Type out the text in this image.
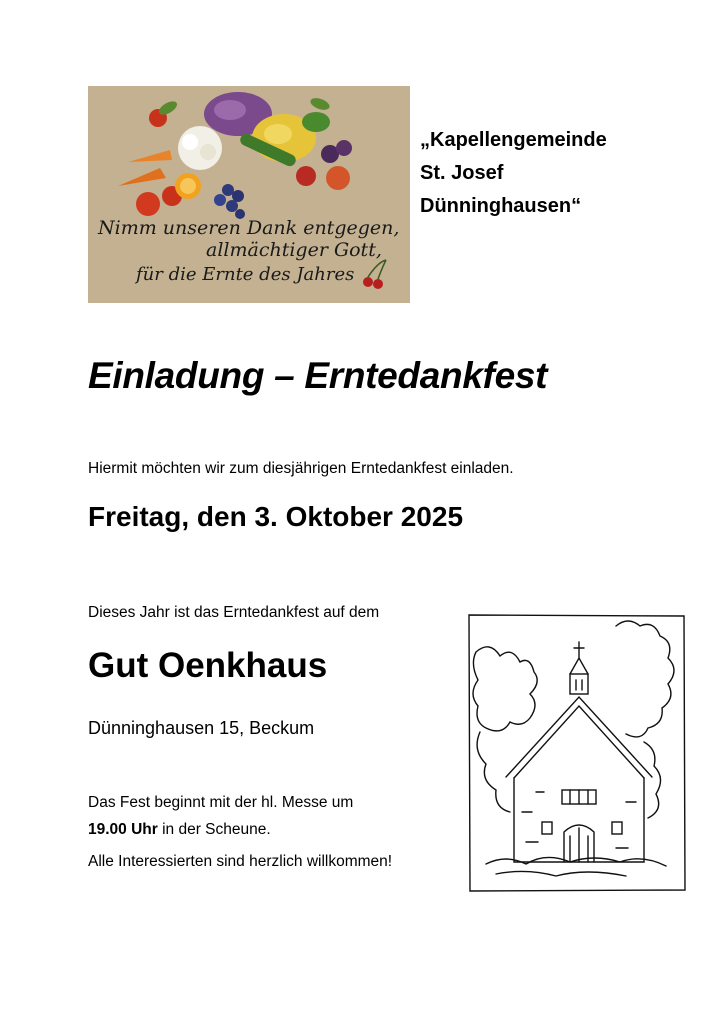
Nimm unseren Dank entgegen,
allmächtiger Gott,
für die Ernte des Jahres
„Kapellengemeinde
St. Josef
Dünninghausen“
Einladung – Erntedankfest
Hiermit möchten wir zum diesjährigen Erntedankfest einladen.
Freitag, den 3. Oktober 2025
Dieses Jahr ist das Erntedankfest auf dem
Gut Oenkhaus
Dünninghausen 15, Beckum
Das Fest beginnt mit der hl. Messe um
19.00 Uhr in der Scheune.
Alle Interessierten sind herzlich willkommen!
